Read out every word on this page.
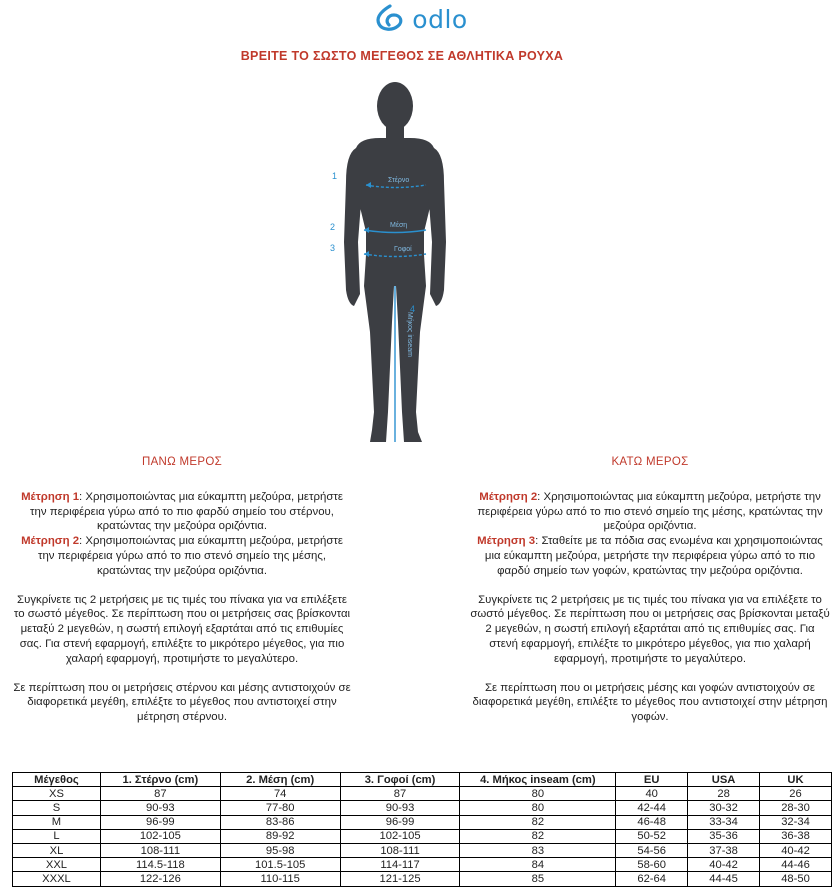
odlo
ΒΡΕΙΤΕ ΤΟ ΣΩΣΤΟ ΜΕΓΕΘΟΣ ΣΕ ΑΘΛΗΤΙΚΑ ΡΟΥΧΑ
Στέρνο
Μέση
Γοφοί
Μήκος inseam
1
2
3
4
ΠΑΝΩ ΜΕΡΟΣ

Μέτρηση 1: Χρησιμοποιώντας μια εύκαμπτη μεζούρα, μετρήστε την περιφέρεια γύρω από το πιο φαρδύ σημείο του στέρνου, κρατώντας την μεζούρα οριζόντια.

Μέτρηση 2: Χρησιμοποιώντας μια εύκαμπτη μεζούρα, μετρήστε την περιφέρεια γύρω από το πιο στενό σημείο της μέσης, κρατώντας την μεζούρα οριζόντια.

Συγκρίνετε τις 2 μετρήσεις με τις τιμές του πίνακα για να επιλέξετε το σωστό μέγεθος. Σε περίπτωση που οι μετρήσεις σας βρίσκονται μεταξύ 2 μεγεθών, η σωστή επιλογή εξαρτάται από τις επιθυμίες σας. Για στενή εφαρμογή, επιλέξτε το μικρότερο μέγεθος, για πιο χαλαρή εφαρμογή, προτιμήστε το μεγαλύτερο.

Σε περίπτωση που οι μετρήσεις στέρνου και μέσης αντιστοιχούν σε διαφορετικά μεγέθη, επιλέξτε το μέγεθος που αντιστοιχεί στην μέτρηση στέρνου.

ΚΑΤΩ ΜΕΡΟΣ

Μέτρηση 2: Χρησιμοποιώντας μια εύκαμπτη μεζούρα, μετρήστε την περιφέρεια γύρω από το πιο στενό σημείο της μέσης, κρατώντας την μεζούρα οριζόντια.

Μέτρηση 3: Σταθείτε με τα πόδια σας ενωμένα και χρησιμοποιώντας μια εύκαμπτη μεζούρα, μετρήστε την περιφέρεια γύρω από το πιο φαρδύ σημείο των γοφών, κρατώντας την μεζούρα οριζόντια.

Συγκρίνετε τις 2 μετρήσεις με τις τιμές του πίνακα για να επιλέξετε το σωστό μέγεθος. Σε περίπτωση που οι μετρήσεις σας βρίσκονται μεταξύ 2 μεγεθών, η σωστή επιλογή εξαρτάται από τις επιθυμίες σας. Για στενή εφαρμογή, επιλέξτε το μικρότερο μέγεθος, για πιο χαλαρή εφαρμογή, προτιμήστε το μεγαλύτερο.

Σε περίπτωση που οι μετρήσεις μέσης και γοφών αντιστοιχούν σε διαφορετικά μεγέθη, επιλέξτε το μέγεθος που αντιστοιχεί στην μέτρηση γοφών.

Μέγεθος	1. Στέρνο (cm)	2. Μέση (cm)	3. Γοφοί (cm)	4. Μήκος inseam (cm)	EU	USA	UK
XS	87	74	87	80	40	28	26
S	90-93	77-80	90-93	80	42-44	30-32	28-30
M	96-99	83-86	96-99	82	46-48	33-34	32-34
L	102-105	89-92	102-105	82	50-52	35-36	36-38
XL	108-111	95-98	108-111	83	54-56	37-38	40-42
XXL	114.5-118	101.5-105	114-117	84	58-60	40-42	44-46
XXXL	122-126	110-115	121-125	85	62-64	44-45	48-50
